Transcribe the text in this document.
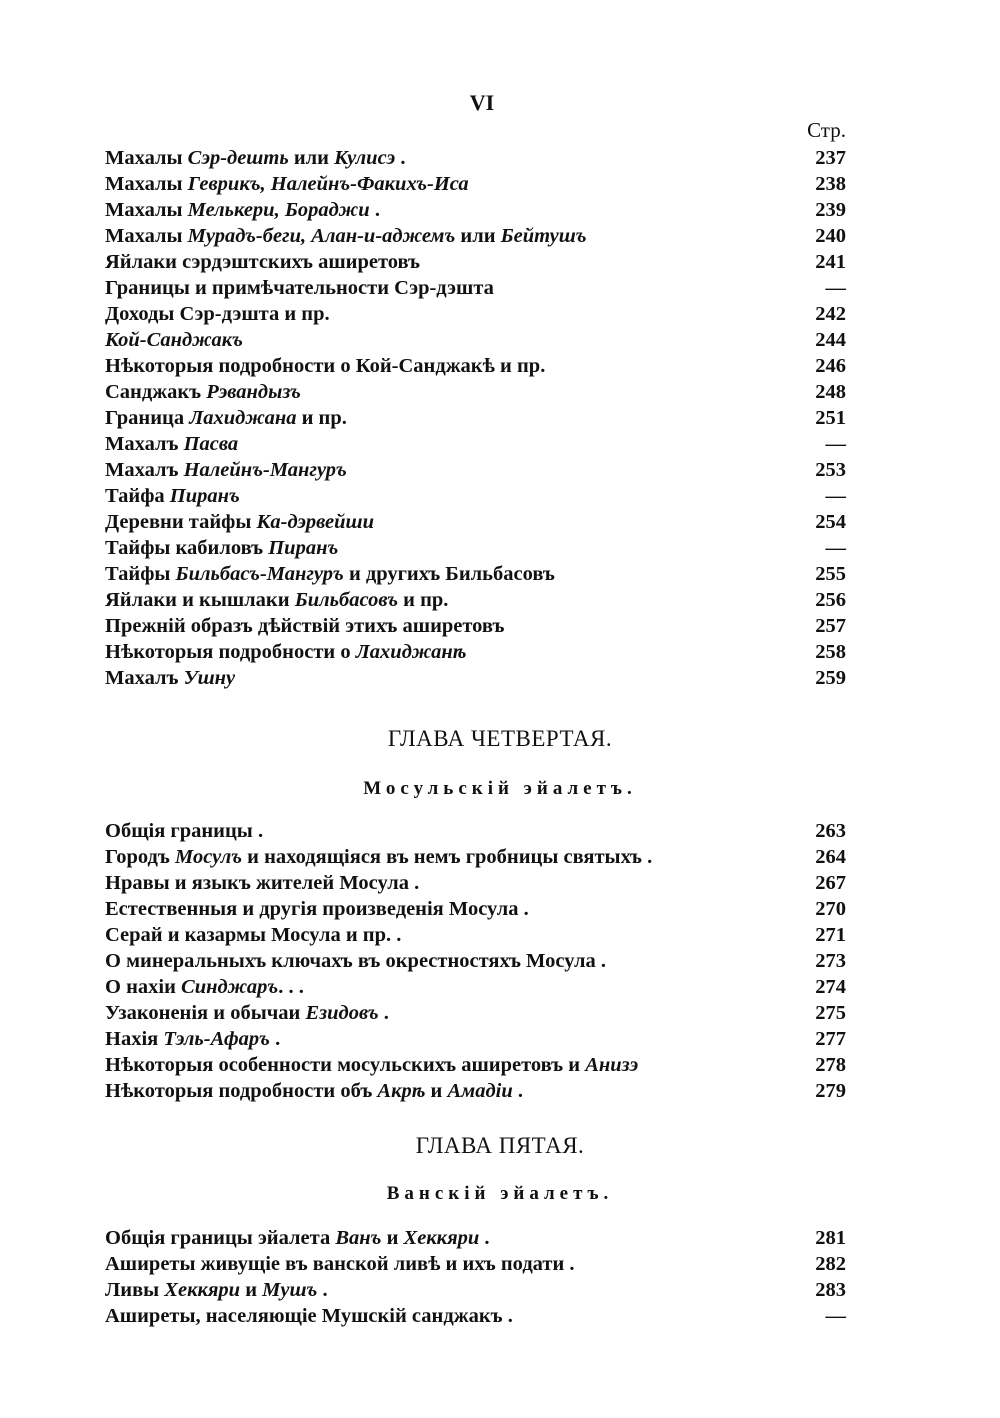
VI
Стр.
Махалы Сэр-дешть или Кулисэ .	237
Махалы Геврикъ, Налейнъ-Факихъ-Иса	238
Махалы Мелькери, Бораджи .	239
Махалы Мурадъ-беги, Алан-и-аджемъ или Бейтушъ	240
Яйлаки сэрдэштскихъ аширетовъ	241
Границы и примѣчательности Сэр-дэшта	—
Доходы Сэр-дэшта и пр.	242
Кой-Санджакъ	244
Нѣкоторыя подробности о Кой-Санджакѣ и пр.	246
Санджакъ Рэвандызъ	248
Граница Лахиджана и пр.	251
Махалъ Пасва	—
Махалъ Налейнъ-Мангуръ	253
Тайфа Пиранъ	—
Деревни тайфы Ка-дэрвейши	254
Тайфы кабиловъ Пиранъ	—
Тайфы Бильбасъ-Мангуръ и другихъ Бильбасовъ	255
Яйлаки и кышлаки Бильбасовъ и пр.	256
Прежній образъ дѣйствій этихъ аширетовъ	257
Нѣкоторыя подробности о Лахиджанѣ	258
Махалъ Ушну	259
ГЛАВА ЧЕТВЕРТАЯ.
Мосульскій эйалетъ.
Общія границы .	263
Городъ Мосулъ и находящіяся въ немъ гробницы святыхъ .	264
Нравы и языкъ жителей Мосула .	267
Естественныя и другія произведенія Мосула .	270
Серай и казармы Мосула и пр. .	271
О минеральныхъ ключахъ въ окрестностяхъ Мосула .	273
О нахіи Синджаръ. . .	274
Узаконенія и обычаи Езидовъ .	275
Нахія Тэль-Афаръ .	277
Нѣкоторыя особенности мосульскихъ аширетовъ и Анизэ	278
Нѣкоторыя подробности объ Акрѣ и Амадіи .	279
ГЛАВА ПЯТАЯ.
Ванскій эйалетъ.
Общія границы эйалета Ванъ и Хеккяри .	281
Аширеты живущіе въ ванской ливѣ и ихъ подати .	282
Ливы Хеккяри и Мушъ .	283
Аширеты, населяющіе Мушскій санджакъ .	—
